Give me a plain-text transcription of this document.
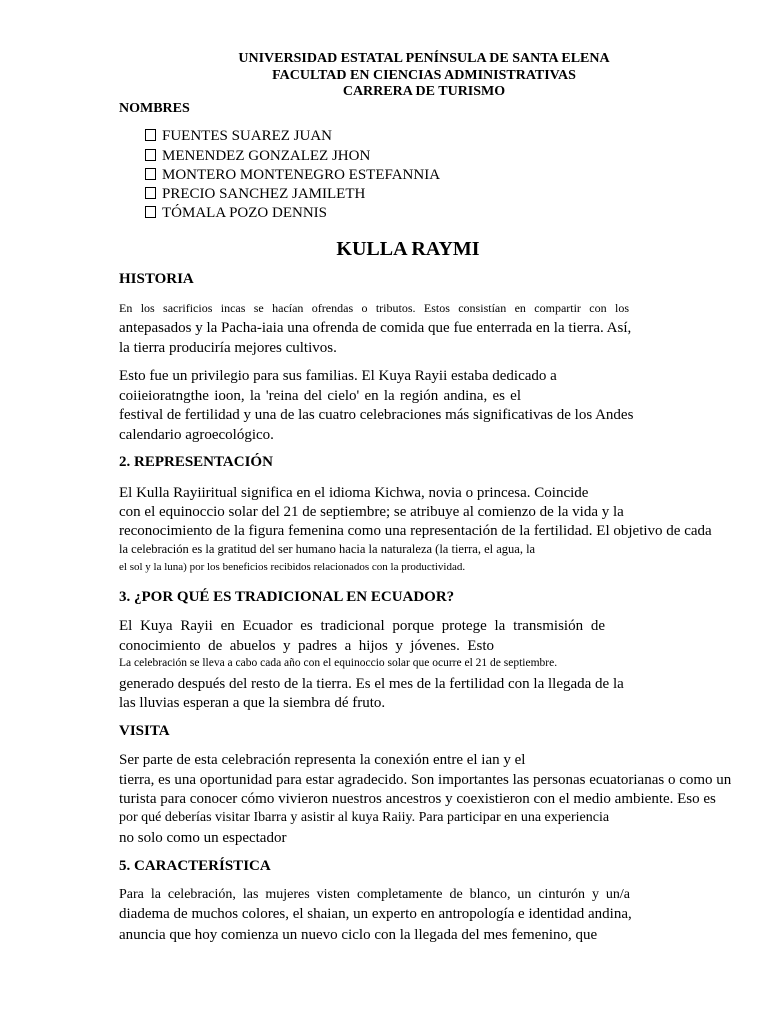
UNIVERSIDAD ESTATAL PENÍNSULA DE SANTA ELENA

FACULTAD EN CIENCIAS ADMINISTRATIVAS

CARRERA DE TURISMO

NOMBRES

FUENTES SUAREZ JUAN

MENENDEZ GONZALEZ JHON

MONTERO MONTENEGRO ESTEFANNIA

PRECIO SANCHEZ JAMILETH

TÓMALA POZO DENNIS

KULLA RAYMI

HISTORIA

En los sacrificios incas se hacían ofrendas o tributos. Estos consistían en compartir con los

antepasados y la Pacha-iaia una ofrenda de comida que fue enterrada en la tierra. Así,

la tierra produciría mejores cultivos.

Esto fue un privilegio para sus familias. El Kuya Rayii estaba dedicado a

coiieioratngthe ioon, la 'reina del cielo' en la región andina, es el

festival de fertilidad y una de las cuatro celebraciones más significativas de los Andes

calendario agroecológico.

2. REPRESENTACIÓN

El Kulla Rayiiritual significa en el idioma Kichwa, novia o princesa. Coincide

con el equinoccio solar del 21 de septiembre; se atribuye al comienzo de la vida y la

reconocimiento de la figura femenina como una representación de la fertilidad. El objetivo de cada

la celebración es la gratitud del ser humano hacia la naturaleza (la tierra, el agua, la

el sol y la luna) por los beneficios recibidos relacionados con la productividad.

3. ¿POR QUÉ ES TRADICIONAL EN ECUADOR?

El Kuya Rayii en Ecuador es tradicional porque protege la transmisión de

conocimiento de abuelos y padres a hijos y jóvenes. Esto

La celebración se lleva a cabo cada año con el equinoccio solar que ocurre el 21 de septiembre.

generado después del resto de la tierra. Es el mes de la fertilidad con la llegada de la

las lluvias esperan a que la siembra dé fruto.

VISITA

Ser parte de esta celebración representa la conexión entre el ian y el

tierra, es una oportunidad para estar agradecido. Son importantes las personas ecuatorianas o como un

turista para conocer cómo vivieron nuestros ancestros y coexistieron con el medio ambiente. Eso es

por qué deberías visitar Ibarra y asistir al kuya Raiiy. Para participar en una experiencia

no solo como un espectador

5. CARACTERÍSTICA

Para la celebración, las mujeres visten completamente de blanco, un cinturón y un/a

diadema de muchos colores, el shaian, un experto en antropología e identidad andina,

anuncia que hoy comienza un nuevo ciclo con la llegada del mes femenino, que
